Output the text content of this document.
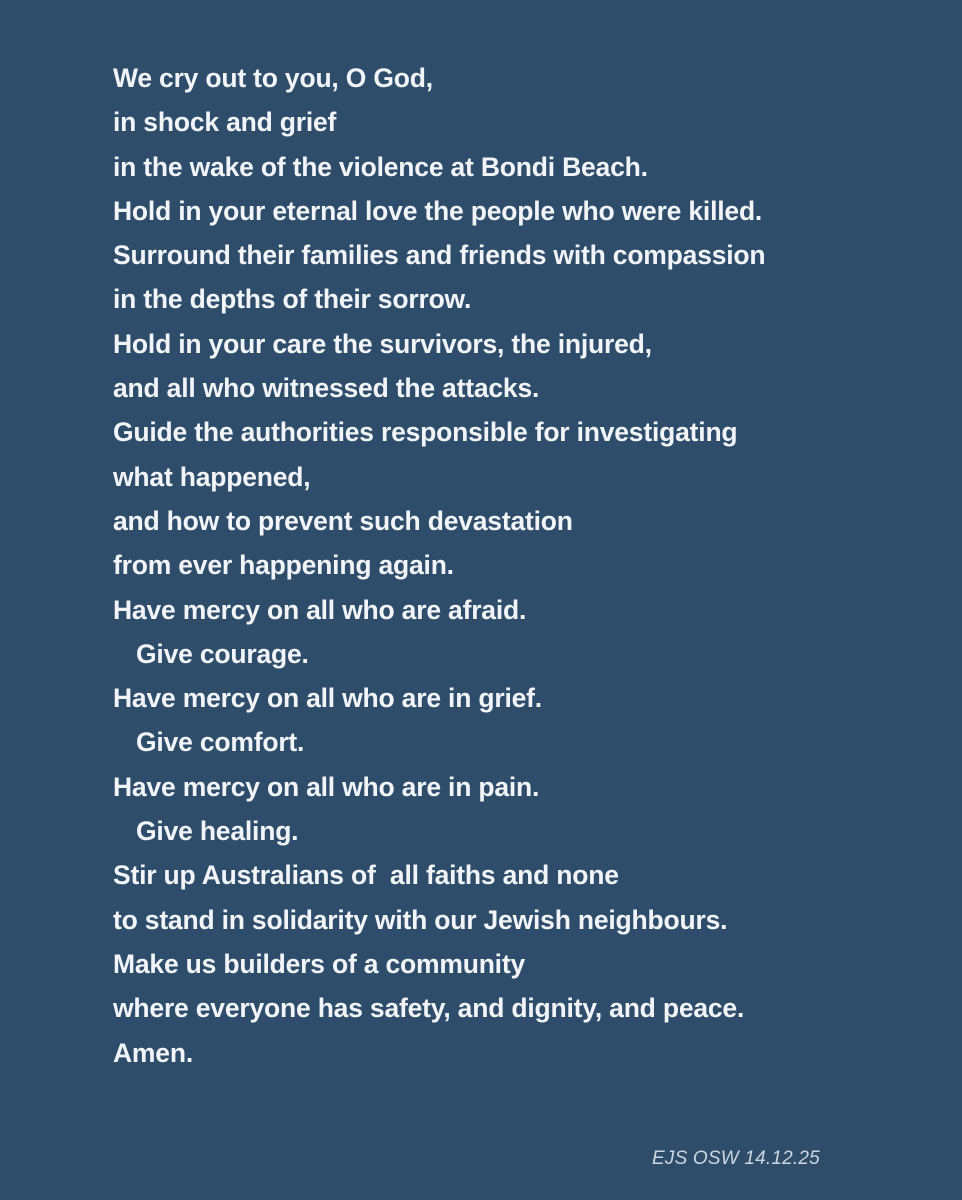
We cry out to you, O God,
in shock and grief
in the wake of the violence at Bondi Beach.
Hold in your eternal love the people who were killed.
Surround their families and friends with compassion
in the depths of their sorrow.
Hold in your care the survivors, the injured,
and all who witnessed the attacks.
Guide the authorities responsible for investigating
what happened,
and how to prevent such devastation
from ever happening again.
Have mercy on all who are afraid.
Give courage.
Have mercy on all who are in grief.
Give comfort.
Have mercy on all who are in pain.
Give healing.
Stir up Australians of  all faiths and none
to stand in solidarity with our Jewish neighbours.
Make us builders of a community
where everyone has safety, and dignity, and peace.
Amen.
EJS OSW 14.12.25
